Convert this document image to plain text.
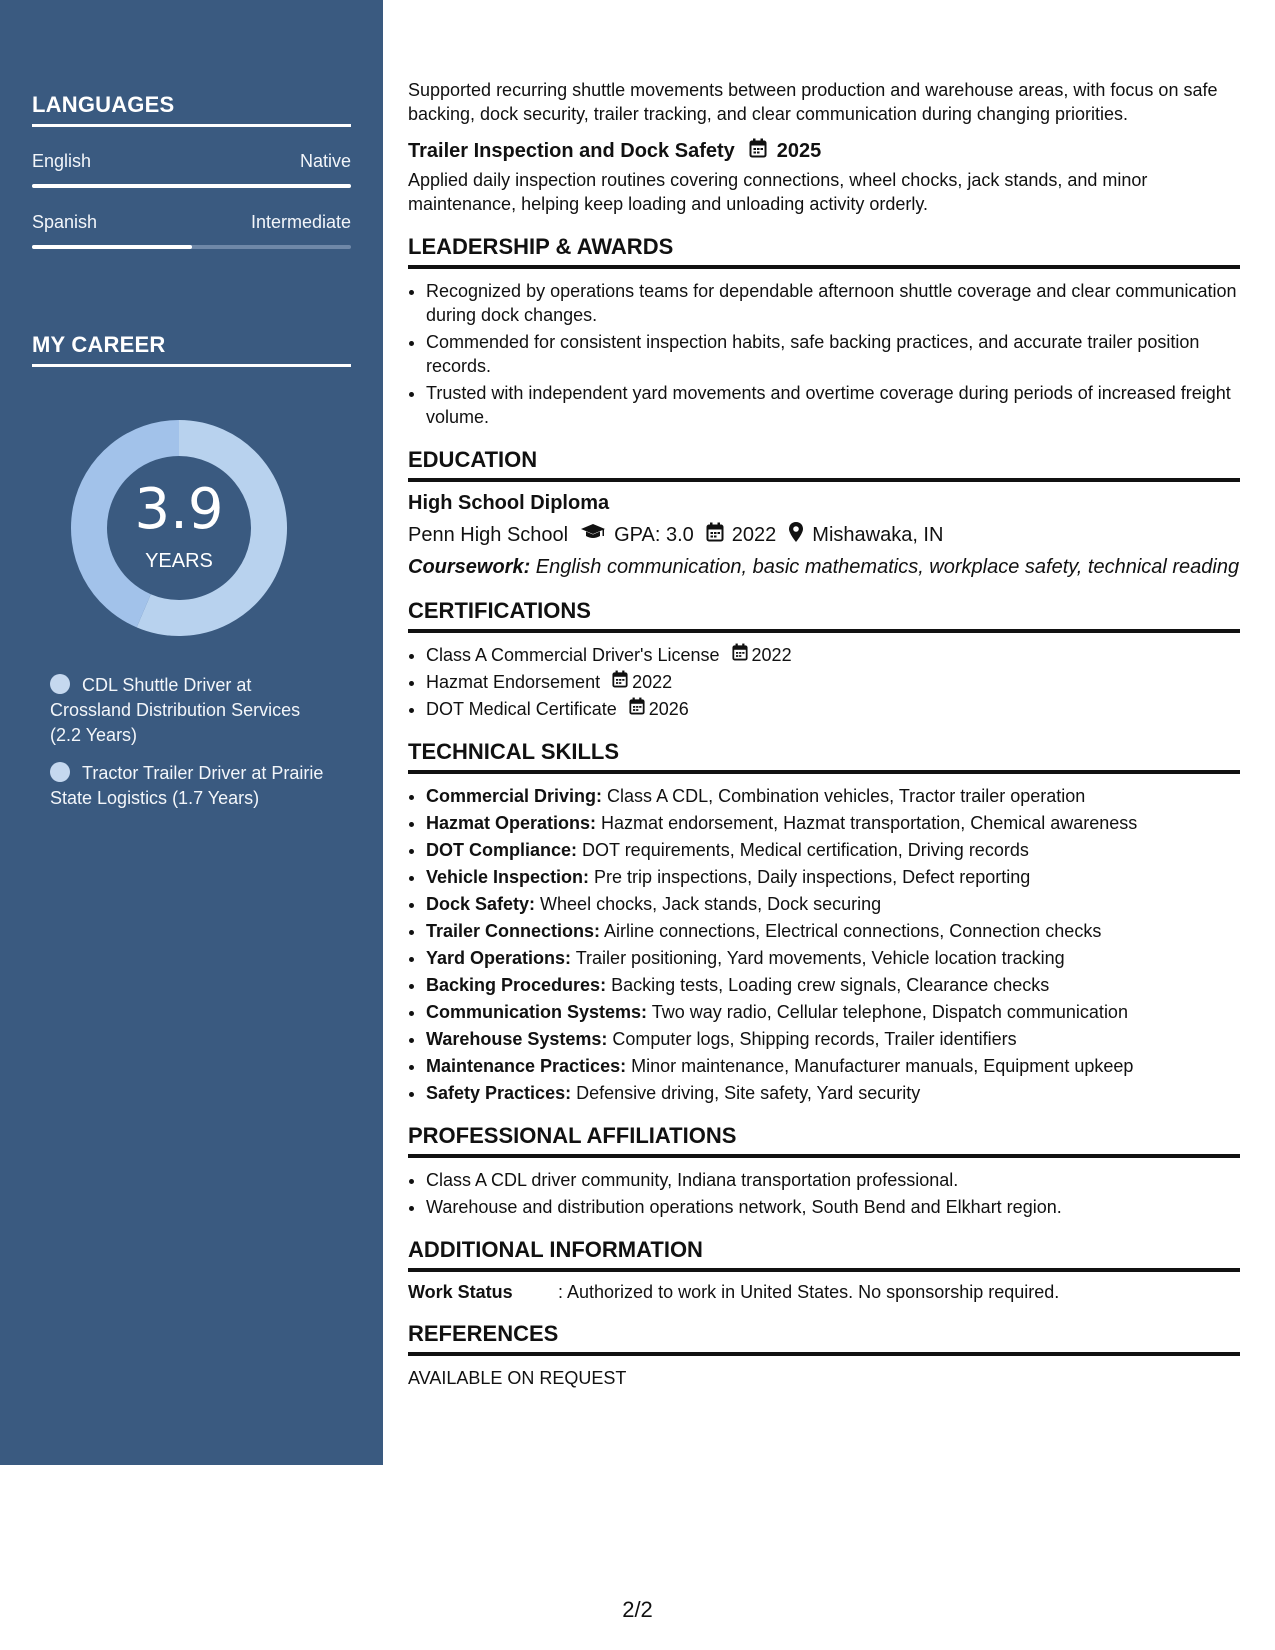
LANGUAGES
English	Native
Spanish	Intermediate
MY CAREER
3.9
YEARS
CDL Shuttle Driver at Crossland Distribution Services (2.2 Years)
Tractor Trailer Driver at Prairie State Logistics (1.7 Years)

Supported recurring shuttle movements between production and warehouse areas, with focus on safe backing, dock security, trailer tracking, and clear communication during changing priorities.

Trailer Inspection and Dock Safety 2025

Applied daily inspection routines covering connections, wheel chocks, jack stands, and minor maintenance, helping keep loading and unloading activity orderly.

LEADERSHIP & AWARDS
• Recognized by operations teams for dependable afternoon shuttle coverage and clear communication during dock changes.
• Commended for consistent inspection habits, safe backing practices, and accurate trailer position records.
• Trusted with independent yard movements and overtime coverage during periods of increased freight volume.
EDUCATION
High School Diploma
Penn High School GPA: 3.0 2022 Mishawaka, IN

Coursework: English communication, basic mathematics, workplace safety, technical reading

CERTIFICATIONS
• Class A Commercial Driver's License 2022
• Hazmat Endorsement 2022
• DOT Medical Certificate 2026
TECHNICAL SKILLS
• Commercial Driving: Class A CDL, Combination vehicles, Tractor trailer operation
• Hazmat Operations: Hazmat endorsement, Hazmat transportation, Chemical awareness
• DOT Compliance: DOT requirements, Medical certification, Driving records
• Vehicle Inspection: Pre trip inspections, Daily inspections, Defect reporting
• Dock Safety: Wheel chocks, Jack stands, Dock securing
• Trailer Connections: Airline connections, Electrical connections, Connection checks
• Yard Operations: Trailer positioning, Yard movements, Vehicle location tracking
• Backing Procedures: Backing tests, Loading crew signals, Clearance checks
• Communication Systems: Two way radio, Cellular telephone, Dispatch communication
• Warehouse Systems: Computer logs, Shipping records, Trailer identifiers
• Maintenance Practices: Minor maintenance, Manufacturer manuals, Equipment upkeep
• Safety Practices: Defensive driving, Site safety, Yard security
PROFESSIONAL AFFILIATIONS
• Class A CDL driver community, Indiana transportation professional.
• Warehouse and distribution operations network, South Bend and Elkhart region.
ADDITIONAL INFORMATION
Work Status	: Authorized to work in United States. No sponsorship required.
REFERENCES
AVAILABLE ON REQUEST
2/2
